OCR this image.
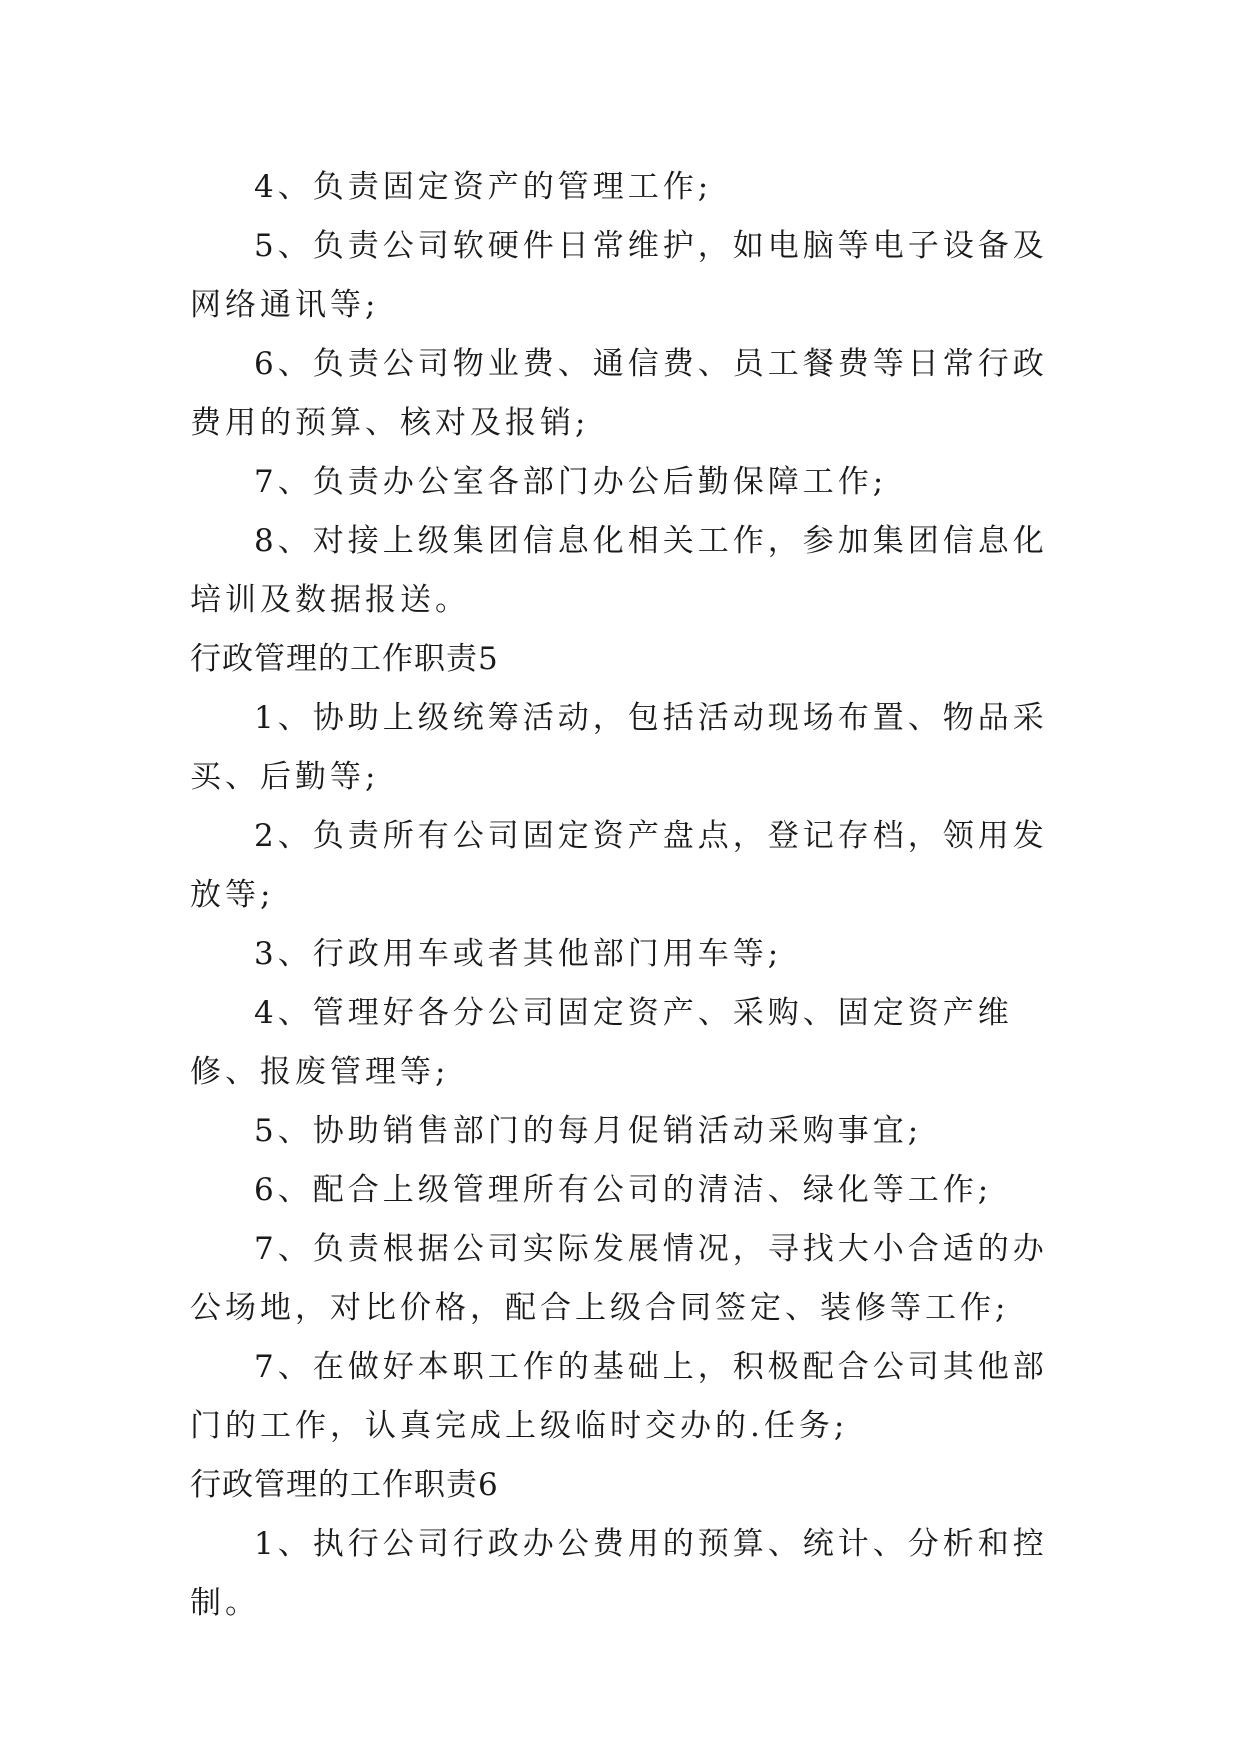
4、负责固定资产的管理工作;

5、负责公司软硬件日常维护，如电脑等电子设备及网络通讯等;

6、负责公司物业费、通信费、员工餐费等日常行政费用的预算、核对及报销;

7、负责办公室各部门办公后勤保障工作;

8、对接上级集团信息化相关工作，参加集团信息化培训及数据报送。

行政管理的工作职责5

1、协助上级统筹活动，包括活动现场布置、物品采买、后勤等;

2、负责所有公司固定资产盘点，登记存档，领用发放等;

3、行政用车或者其他部门用车等;

4、管理好各分公司固定资产、采购、固定资产维修、报废管理等;

5、协助销售部门的每月促销活动采购事宜;

6、配合上级管理所有公司的清洁、绿化等工作;

7、负责根据公司实际发展情况，寻找大小合适的办公场地，对比价格，配合上级合同签定、装修等工作;

7、在做好本职工作的基础上，积极配合公司其他部门的工作，认真完成上级临时交办的.任务;

行政管理的工作职责6

1、执行公司行政办公费用的预算、统计、分析和控制。
